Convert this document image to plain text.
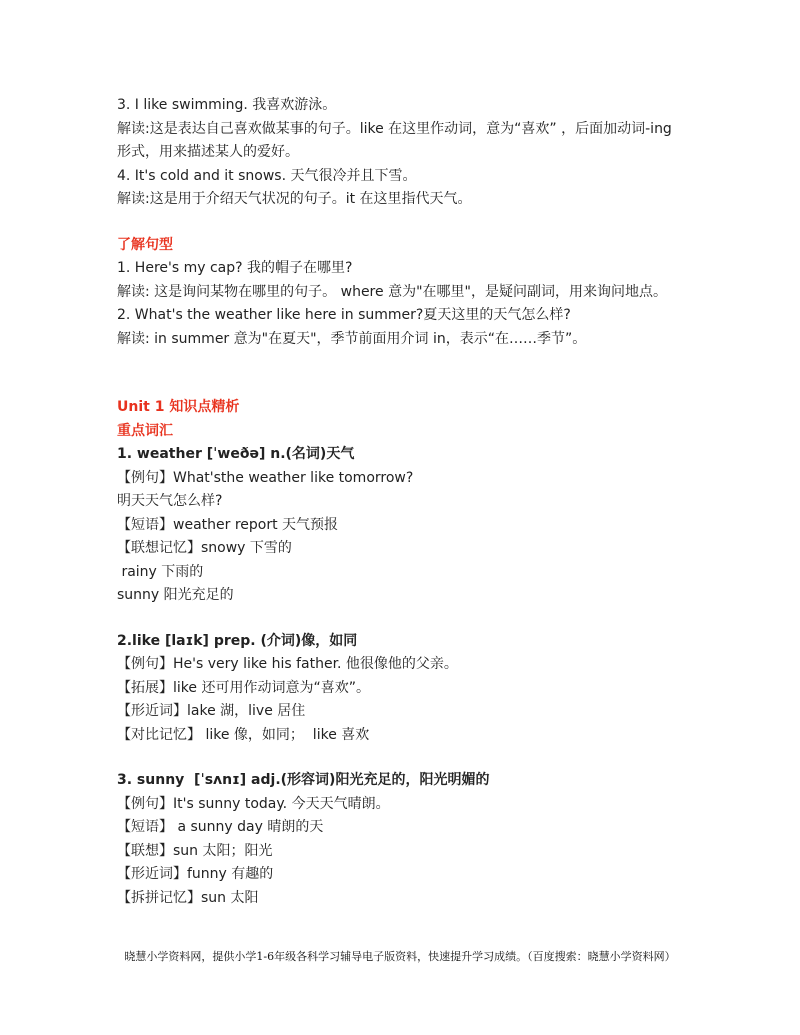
3. I like swimming. 我喜欢游泳。
解读:这是表达自己喜欢做某事的句子。like 在这里作动词，意为“喜欢” ，后面加动词-ing 形式，用来描述某人的爱好。
4. It's cold and it snows. 天气很冷并且下雪。
解读:这是用于介绍天气状况的句子。it 在这里指代天气。
了解句型
1. Here's my cap? 我的帽子在哪里?
解读: 这是询问某物在哪里的句子。 where 意为"在哪里"，是疑问副词，用来询问地点。
2. What's the weather like here in summer?夏天这里的天气怎么样?
解读: in summer 意为"在夏天"，季节前面用介词 in，表示“在……季节”。
Unit 1 知识点精析
重点词汇
1. weather [ˈweðə] n.(名词)天气
【例句】What'sthe weather like tomorrow?
明天天气怎么样?
【短语】weather report 天气预报
【联想记忆】snowy 下雪的
rainy 下雨的
sunny 阳光充足的
2.like [laɪk] prep. (介词)像，如同
【例句】He's very like his father. 他很像他的父亲。
【拓展】like 还可用作动词意为“喜欢”。
【形近词】lake 湖，live 居住
【对比记忆】 like 像，如同；  like 喜欢
3. sunny  [ˈsʌnɪ] adj.(形容词)阳光充足的，阳光明媚的
【例句】It's sunny today. 今天天气晴朗。
【短语】 a sunny day 晴朗的天
【联想】sun 太阳；阳光
【形近词】funny 有趣的
【拆拼记忆】sun 太阳
晓慧小学资料网，提供小学1-6年级各科学习辅导电子版资料，快速提升学习成绩。（百度搜索：晓慧小学资料网）
